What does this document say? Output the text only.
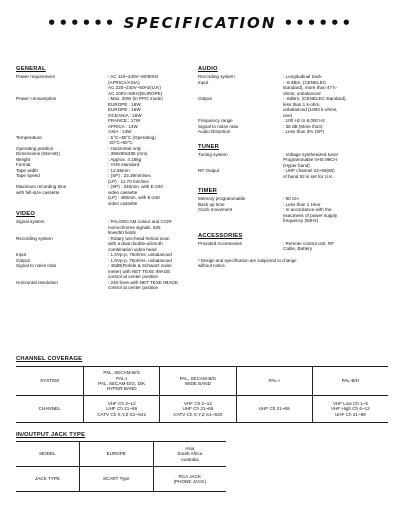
•••••• SPECIFICATION ••••••
GENERAL
Power requirement	: AC 110~240V~50/60Hz
(AFRICA/ASIA)
AC 220~240V~50Hz(U.K)
AC 100V~50Hz(EUROPE)
Power consumption	: Max. 30W (in PPO mode)
EUROPE : 16W
EUROPE : 16W
OCEANIA : 16W
FRANCE : 17W
AFRICA : 14W
ASIA : 14W
Temperature	: 5°C~35°C (Operating)
-20°C~60°C
Operating position	: Horizontal only
Dimensions (WxHxD)	: 360x90x285 (mm)
Weight	: Approx. 4.16kg
Format	: VHS standard
Tape width	: 12.65mm
Tape speed	: (SP) : 23.39mm/sec
(LP) : 11.70 mm/sec
Maximum recording time
with full-size cassette
: (SP) : 240min. with E-240
video cassette
(LP) : 480min. with E-240
video cassette
VIDEO
Signal system	: PAL/SECAM colour and CCIR
monochrome signals, 625
lines/50 fields
Recording system	: Rotary two-head helical scan
with a dual double-azimuth
combination video head
Input	: 1.0Vp-p, 75ohms, unbalanced
Output	: 1.0Vp-p, 75ohms, unbalanced
Signal to noise ratio	: 45dB(Rohde & Schwarz noise
meter) with NET TEXE IMAGE
control at center position
Horizontal resolution	: 240 lines with NET TEXE IMAGE
control at center position
AUDIO
Recording system	: Longitudinal track
Input	: -8 dBm, (CENELEC
standard), more than 47 k-
ohms, unbalanced
Output	: -6dBm, (CENELEC standard),
less than 1 k-ohm,
unbalanced (1000 k-ohms,
one)
Frequency range	: 100 Hz to 8,000 Hz
Signal to noise ratio	: 38 dB (More than)
Audio Distortion	: Less than 3% (SP)
TUNER
Tuning system	: Voltage synthesized tuner
Programmable VHS 99CH
(Hyper band)
RF Output	: UHF channel 22~69(60)
of band 52 is set for U.K.
TIMER
Memory programmable	: 90 CH
Back up time	: Less than 1 Hour
Clock movement	: In accordance with the
exactness of power supply
frequency (50Hz)
ACCESSORIES
Provided Accessories	: Remote control unit, RF
Cable, Battery
* Design and specification are subjected to change
without notice.
CHANNEL COVERAGE
SYSTEM	PAL, SECAM-B/G
PAL-I
PAL, SECAM-D/G, D/K
HYPER BAND	PAL, SECAM-B/G
WIDE BAND	PAL-I	PAL-B/H
CHANNEL	VHF Ch 2~12
UHF Ch 21~69
CATV Ch X,Y,Z S1~S41	VHF Ch 2~12
UHF Ch 21~69
CATV Ch X,Y,Z S1~S20	UHF Ch 21~69	VHF Low Ch 1~5
VHF High Ch 6~12
UHF Ch 21~69
IN/OUTPUT JACK TYPE
MODEL	EUROPE	Asia
South Africa
Australia
JACK TYPE	SCART Type	RCA JACK
(PHONE JACK)
